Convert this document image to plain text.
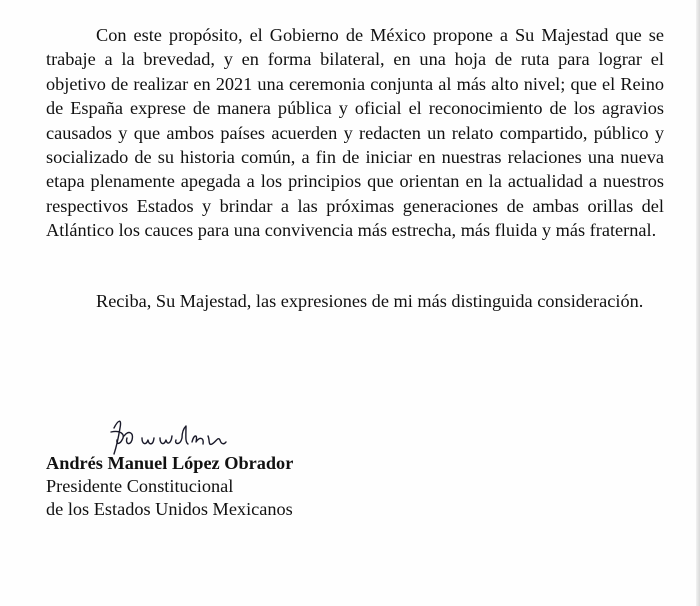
Con este propósito, el Gobierno de México propone a Su Majestad que se trabaje a la brevedad, y en forma bilateral, en una hoja de ruta para lograr el objetivo de realizar en 2021 una ceremonia conjunta al más alto nivel; que el Reino de España exprese de manera pública y oficial el reconocimiento de los agravios causados y que ambos países acuerden y redacten un relato compartido, público y socializado de su historia común, a fin de iniciar en nuestras relaciones una nueva etapa plenamente apegada a los principios que orientan en la actualidad a nuestros respectivos Estados y brindar a las próximas generaciones de ambas orillas del Atlántico los cauces para una convivencia más estrecha, más fluida y más fraternal.

Reciba, Su Majestad, las expresiones de mi más distinguida consideración.

Andrés Manuel López Obrador
Presidente Constitucional
de los Estados Unidos Mexicanos
